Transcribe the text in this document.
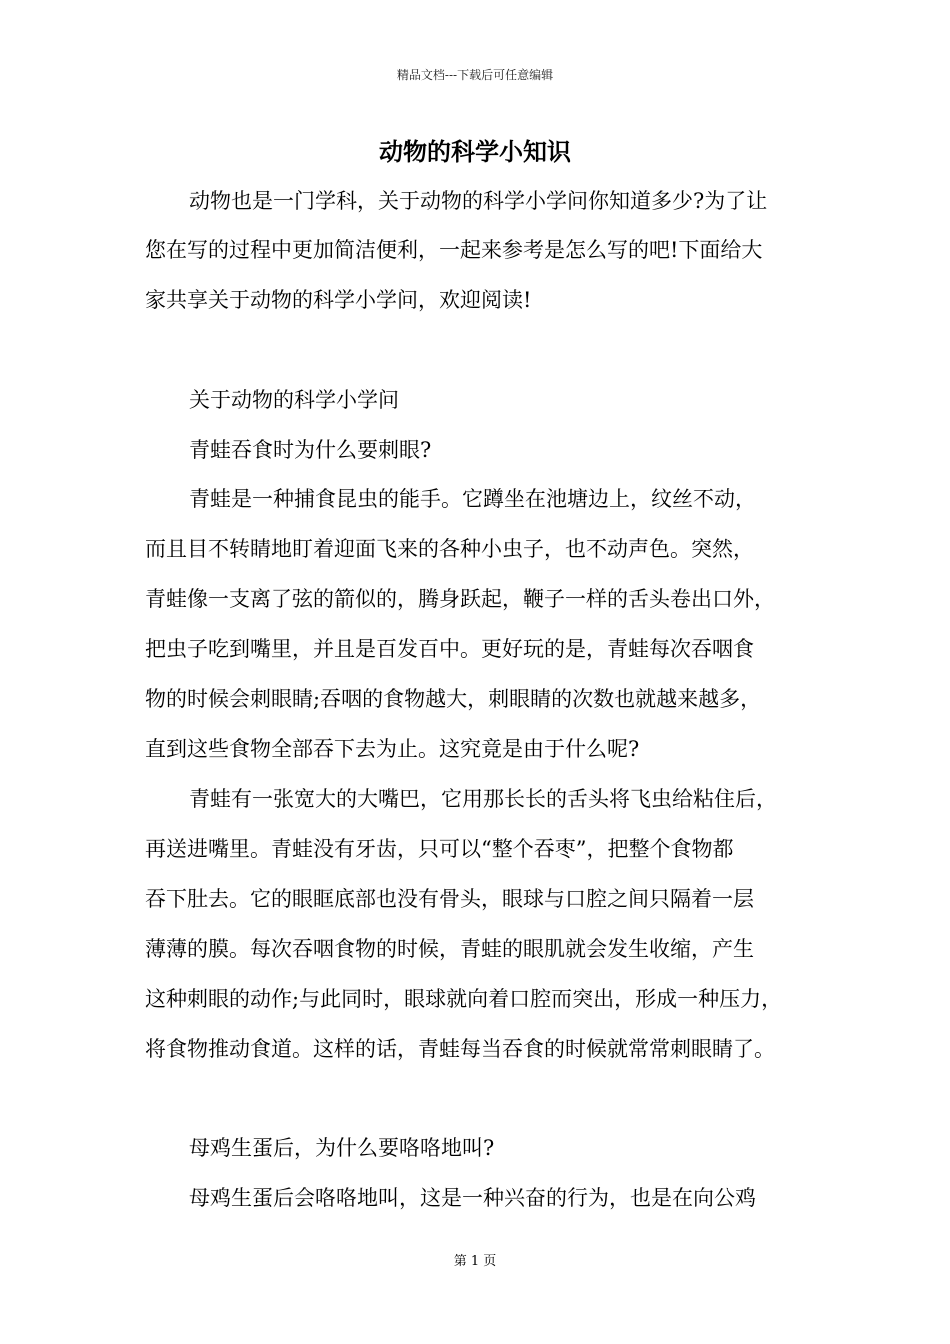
精品文档---下载后可任意编辑
动物的科学小知识
动物也是一门学科，关于动物的科学小学问你知道多少?为了让
您在写的过程中更加简洁便利，一起来参考是怎么写的吧!下面给大
家共享关于动物的科学小学问，欢迎阅读!
关于动物的科学小学问
青蛙吞食时为什么要刺眼?
青蛙是一种捕食昆虫的能手。它蹲坐在池塘边上，纹丝不动，
而且目不转睛地盯着迎面飞来的各种小虫子，也不动声色。突然，
青蛙像一支离了弦的箭似的，腾身跃起，鞭子一样的舌头卷出口外，
把虫子吃到嘴里，并且是百发百中。更好玩的是，青蛙每次吞咽食
物的时候会刺眼睛;吞咽的食物越大，刺眼睛的次数也就越来越多，
直到这些食物全部吞下去为止。这究竟是由于什么呢?
青蛙有一张宽大的大嘴巴，它用那长长的舌头将飞虫给粘住后，
再送进嘴里。青蛙没有牙齿，只可以“整个吞枣”，把整个食物都
吞下肚去。它的眼眶底部也没有骨头，眼球与口腔之间只隔着一层
薄薄的膜。每次吞咽食物的时候，青蛙的眼肌就会发生收缩，产生
这种刺眼的动作;与此同时，眼球就向着口腔而突出，形成一种压力，
将食物推动食道。这样的话，青蛙每当吞食的时候就常常刺眼睛了。
母鸡生蛋后，为什么要咯咯地叫?
母鸡生蛋后会咯咯地叫，这是一种兴奋的行为，也是在向公鸡
第 1 页
